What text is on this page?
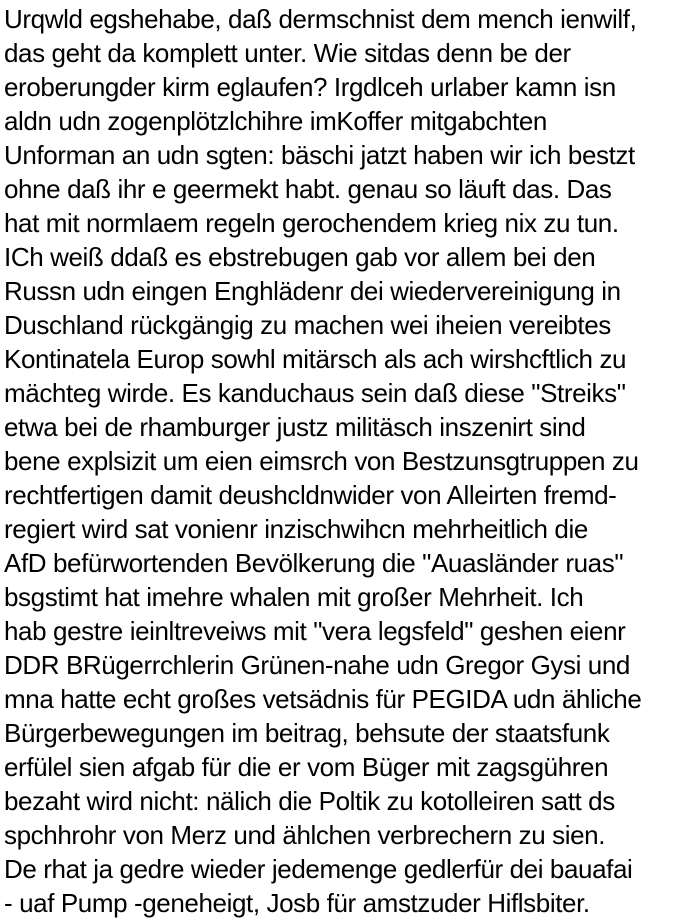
Urqwld egshehabe, daß dermschnist dem mench ienwilf,
das geht da komplett unter. Wie sitdas denn be der
eroberungder kirm eglaufen? Irgdlceh urlaber kamn isn
aldn udn zogenplötzlchihre imKoffer mitgabchten
Unforman an udn sgten: bäschi jatzt haben wir ich bestzt
ohne daß ihr e geermekt habt. genau so läuft das. Das
hat mit normlaem regeln gerochendem krieg nix zu tun.
ICh weiß ddaß es ebstrebugen gab vor allem bei den
Russn udn eingen Enghlädenr dei wiedervereinigung in
Duschland rückgängig zu machen wei iheien vereibtes
Kontinatela Europ sowhl mitärsch als ach wirshcftlich zu
mächteg wirde. Es kanduchaus sein daß diese "Streiks"
etwa bei de rhamburger justz militäsch inszenirt sind
bene explsizit um eien eimsrch von Bestzunsgtruppen zu
rechtfertigen damit deushcldnwider von Alleirten fremd-
regiert wird sat vonienr inzischwihcn mehrheitlich die
AfD befürwortenden Bevölkerung die "Auasländer ruas"
bsgstimt hat imehre whalen mit großer Mehrheit. Ich
hab gestre ieinltreveiws mit "vera legsfeld" geshen eienr
DDR BRügerrchlerin Grünen-nahe udn Gregor Gysi und
mna hatte echt großes vetsädnis für PEGIDA udn ähliche
Bürgerbewegungen im beitrag, behsute der staatsfunk
erfülel sien afgab für die er vom Büger mit zagsgühren
bezaht wird nicht: nälich die Poltik zu kotolleiren satt ds
spchhrohr von Merz und ählchen verbrechern zu sien.
De rhat ja gedre wieder jedemenge gedlerfür dei bauafai
- uaf Pump -geneheigt, Josb für amstzuder Hiflsbiter.
